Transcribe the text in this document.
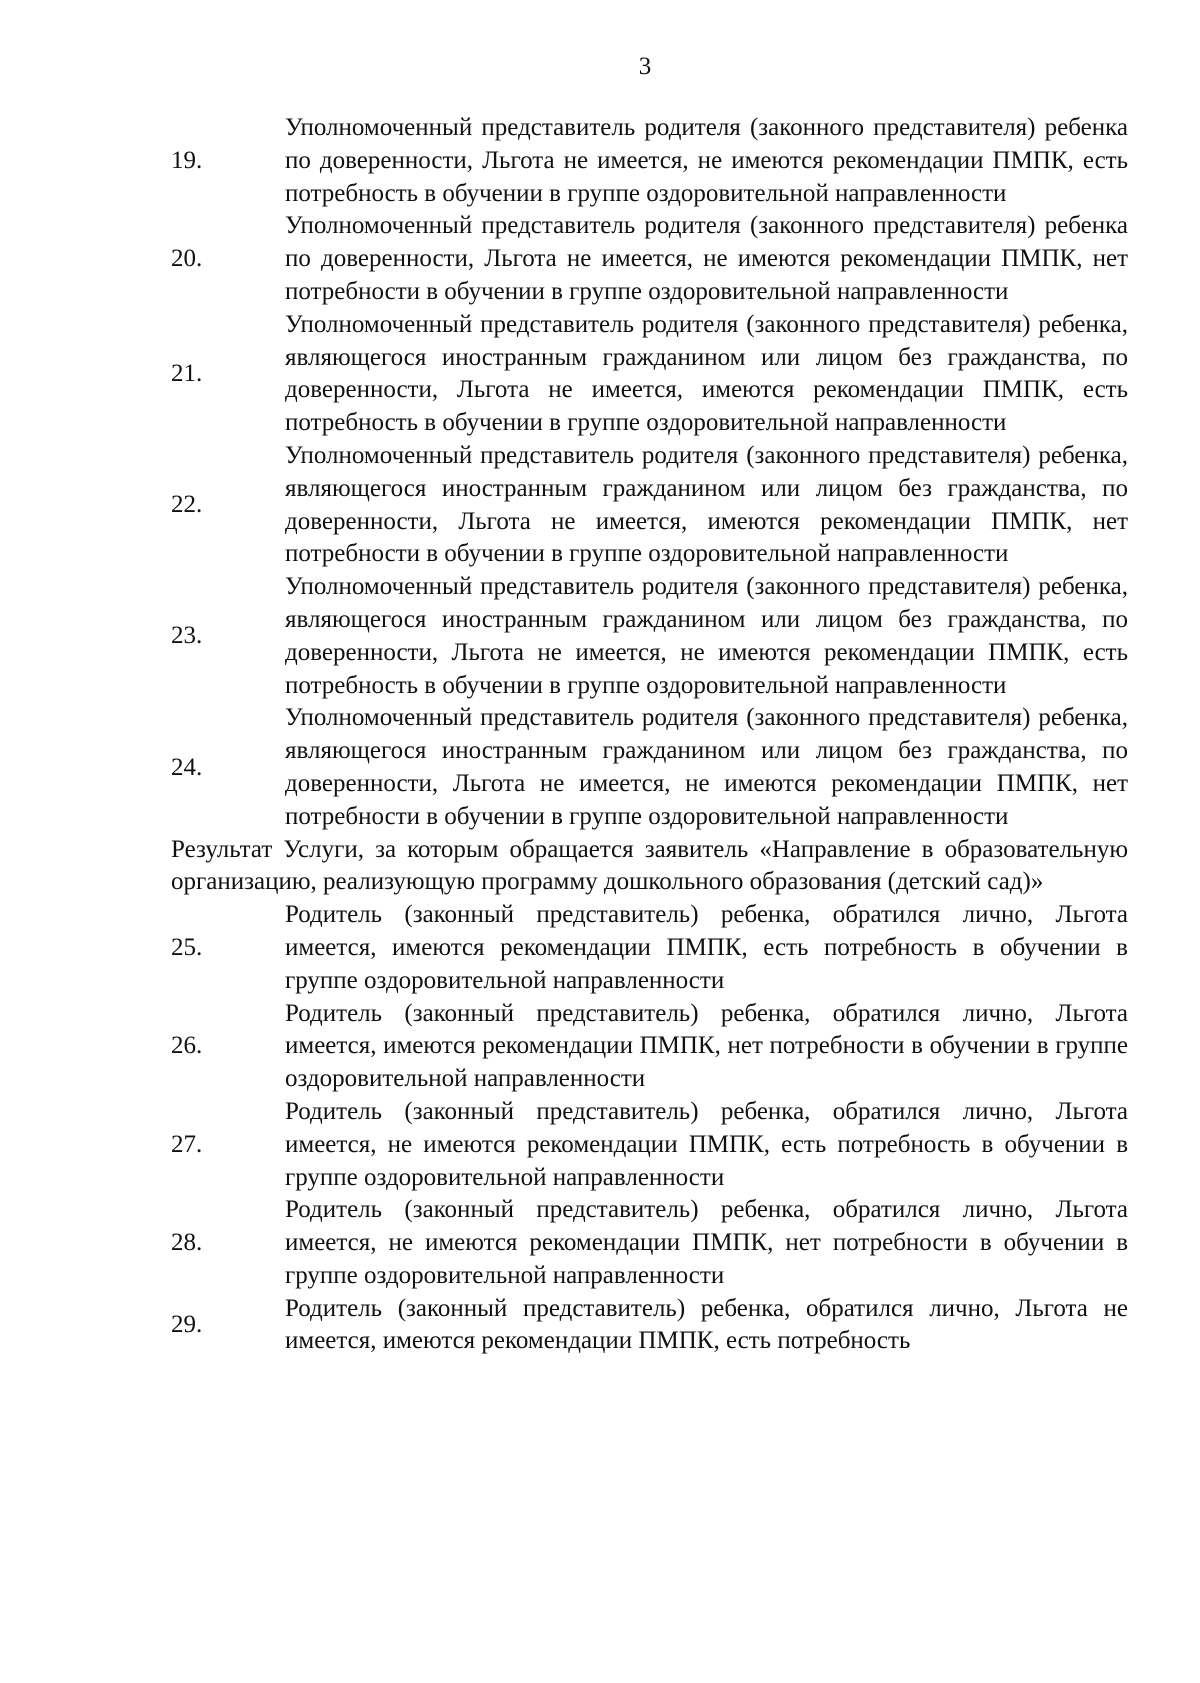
3
19.
Уполномоченный представитель родителя (законного представителя) ребенка по доверенности, Льгота не имеется, не имеются рекомендации ПМПК, есть потребность в обучении в группе оздоровительной направленности
20.
Уполномоченный представитель родителя (законного представителя) ребенка по доверенности, Льгота не имеется, не имеются рекомендации ПМПК, нет потребности в обучении в группе оздоровительной направленности
21.
Уполномоченный представитель родителя (законного представителя) ребенка, являющегося иностранным гражданином или лицом без гражданства, по доверенности, Льгота не имеется, имеются рекомендации ПМПК, есть потребность в обучении в группе оздоровительной направленности
22.
Уполномоченный представитель родителя (законного представителя) ребенка, являющегося иностранным гражданином или лицом без гражданства, по доверенности, Льгота не имеется, имеются рекомендации ПМПК, нет потребности в обучении в группе оздоровительной направленности
23.
Уполномоченный представитель родителя (законного представителя) ребенка, являющегося иностранным гражданином или лицом без гражданства, по доверенности, Льгота не имеется, не имеются рекомендации ПМПК, есть потребность в обучении в группе оздоровительной направленности
24.
Уполномоченный представитель родителя (законного представителя) ребенка, являющегося иностранным гражданином или лицом без гражданства, по доверенности, Льгота не имеется, не имеются рекомендации ПМПК, нет потребности в обучении в группе оздоровительной направленности
Результат Услуги, за которым обращается заявитель «Направление в образовательную организацию, реализующую программу дошкольного образования (детский сад)»
25.
Родитель (законный представитель) ребенка, обратился лично, Льгота имеется, имеются рекомендации ПМПК, есть потребность в обучении в группе оздоровительной направленности
26.
Родитель (законный представитель) ребенка, обратился лично, Льгота имеется, имеются рекомендации ПМПК, нет потребности в обучении в группе оздоровительной направленности
27.
Родитель (законный представитель) ребенка, обратился лично, Льгота имеется, не имеются рекомендации ПМПК, есть потребность в обучении в группе оздоровительной направленности
28.
Родитель (законный представитель) ребенка, обратился лично, Льгота имеется, не имеются рекомендации ПМПК, нет потребности в обучении в группе оздоровительной направленности
29.
Родитель (законный представитель) ребенка, обратился лично, Льгота не имеется, имеются рекомендации ПМПК, есть потребность
